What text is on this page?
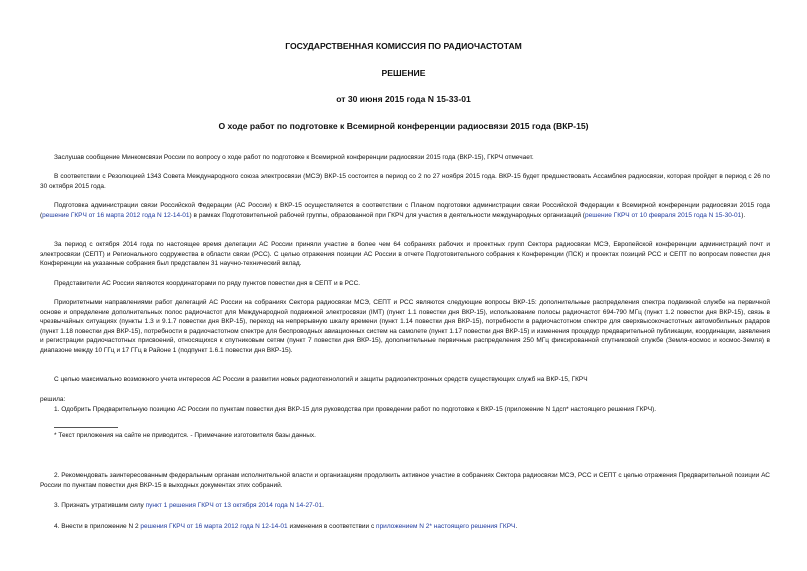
ГОСУДАРСТВЕННАЯ КОМИССИЯ ПО РАДИОЧАСТОТАМ
РЕШЕНИЕ
от 30 июня 2015 года N 15-33-01
О ходе работ по подготовке к Всемирной конференции радиосвязи 2015 года (ВКР-15)
Заслушав сообщение Минкомсвязи России по вопросу о ходе работ по подготовке к Всемирной конференции радиосвязи 2015 года (ВКР-15), ГКРЧ отмечает.
В соответствии с Резолюцией 1343 Совета Международного союза электросвязи (МСЭ) ВКР-15 состоится в период со 2 по 27 ноября 2015 года. ВКР-15 будет предшествовать Ассамблея радиосвязи, которая пройдет в период с 26 по 30 октября 2015 года.
Подготовка администрации связи Российской Федерации (АС России) к ВКР-15 осуществляется в соответствии с Планом подготовки администрации связи Российской Федерации к Всемирной конференции радиосвязи 2015 года (решение ГКРЧ от 16 марта 2012 года N 12-14-01) в рамках Подготовительной рабочей группы, образованной при ГКРЧ для участия в деятельности международных организаций (решение ГКРЧ от 10 февраля 2015 года N 15-30-01).
За период с октября 2014 года по настоящее время делегации АС России приняли участие в более чем 64 собраниях рабочих и проектных групп Сектора радиосвязи МСЭ, Европейской конференции администраций почт и электросвязи (СЕПТ) и Регионального содружества в области связи (РСС). С целью отражения позиции АС России в отчете Подготовительного собрания к Конференции (ПСК) и проектах позиций РСС и СЕПТ по вопросам повестки дня Конференции на указанные собрания был представлен 31 научно-технический вклад.
Представители АС России являются координаторами по ряду пунктов повестки дня в СЕПТ и в РСС.
Приоритетными направлениями работ делегаций АС России на собраниях Сектора радиосвязи МСЭ, СЕПТ и РСС являются следующие вопросы ВКР-15: дополнительные распределения спектра подвижной службе на первичной основе и определение дополнительных полос радиочастот для Международной подвижной электросвязи (IMT) (пункт 1.1 повестки дня ВКР-15), использование полосы радиочастот 694-790 МГц (пункт 1.2 повестки дня ВКР-15), связь в чрезвычайных ситуациях (пункты 1.3 и 9.1.7 повестки дня ВКР-15), переход на непрерывную шкалу времени (пункт 1.14 повестки дня ВКР-15), потребности в радиочастотном спектре для сверхвысокочастотных автомобильных радаров (пункт 1.18 повестки дня ВКР-15), потребности в радиочастотном спектре для беспроводных авиационных систем на самолете (пункт 1.17 повестки дня ВКР-15) и изменения процедур предварительной публикации, координации, заявления и регистрации радиочастотных присвоений, относящихся к спутниковым сетям (пункт 7 повестки дня ВКР-15), дополнительные первичные распределения 250 МГц фиксированной спутниковой службе (Земля-космос и космос-Земля) в диапазоне между 10 ГГц и 17 ГГц в Районе 1 (подпункт 1.6.1 повестки дня ВКР-15).
С целью максимально возможного учета интересов АС России в развитии новых радиотехнологий и защиты радиоэлектронных средств существующих служб на ВКР-15, ГКРЧ
решила:
1. Одобрить Предварительную позицию АС России по пунктам повестки дня ВКР-15 для руководства при проведении работ по подготовке к ВКР-15 (приложение N 1дсп* настоящего решения ГКРЧ).
* Текст приложения на сайте не приводится. - Примечание изготовителя базы данных.
2. Рекомендовать заинтересованным федеральным органам исполнительной власти и организациям продолжить активное участие в собраниях Сектора радиосвязи МСЭ, РСС и СЕПТ с целью отражения Предварительной позиции АС России по пунктам повестки дня ВКР-15 в выходных документах этих собраний.
3. Признать утратившим силу пункт 1 решения ГКРЧ от 13 октября 2014 года N 14-27-01.
4. Внести в приложение N 2 решения ГКРЧ от 16 марта 2012 года N 12-14-01 изменения в соответствии с приложением N 2* настоящего решения ГКРЧ.
